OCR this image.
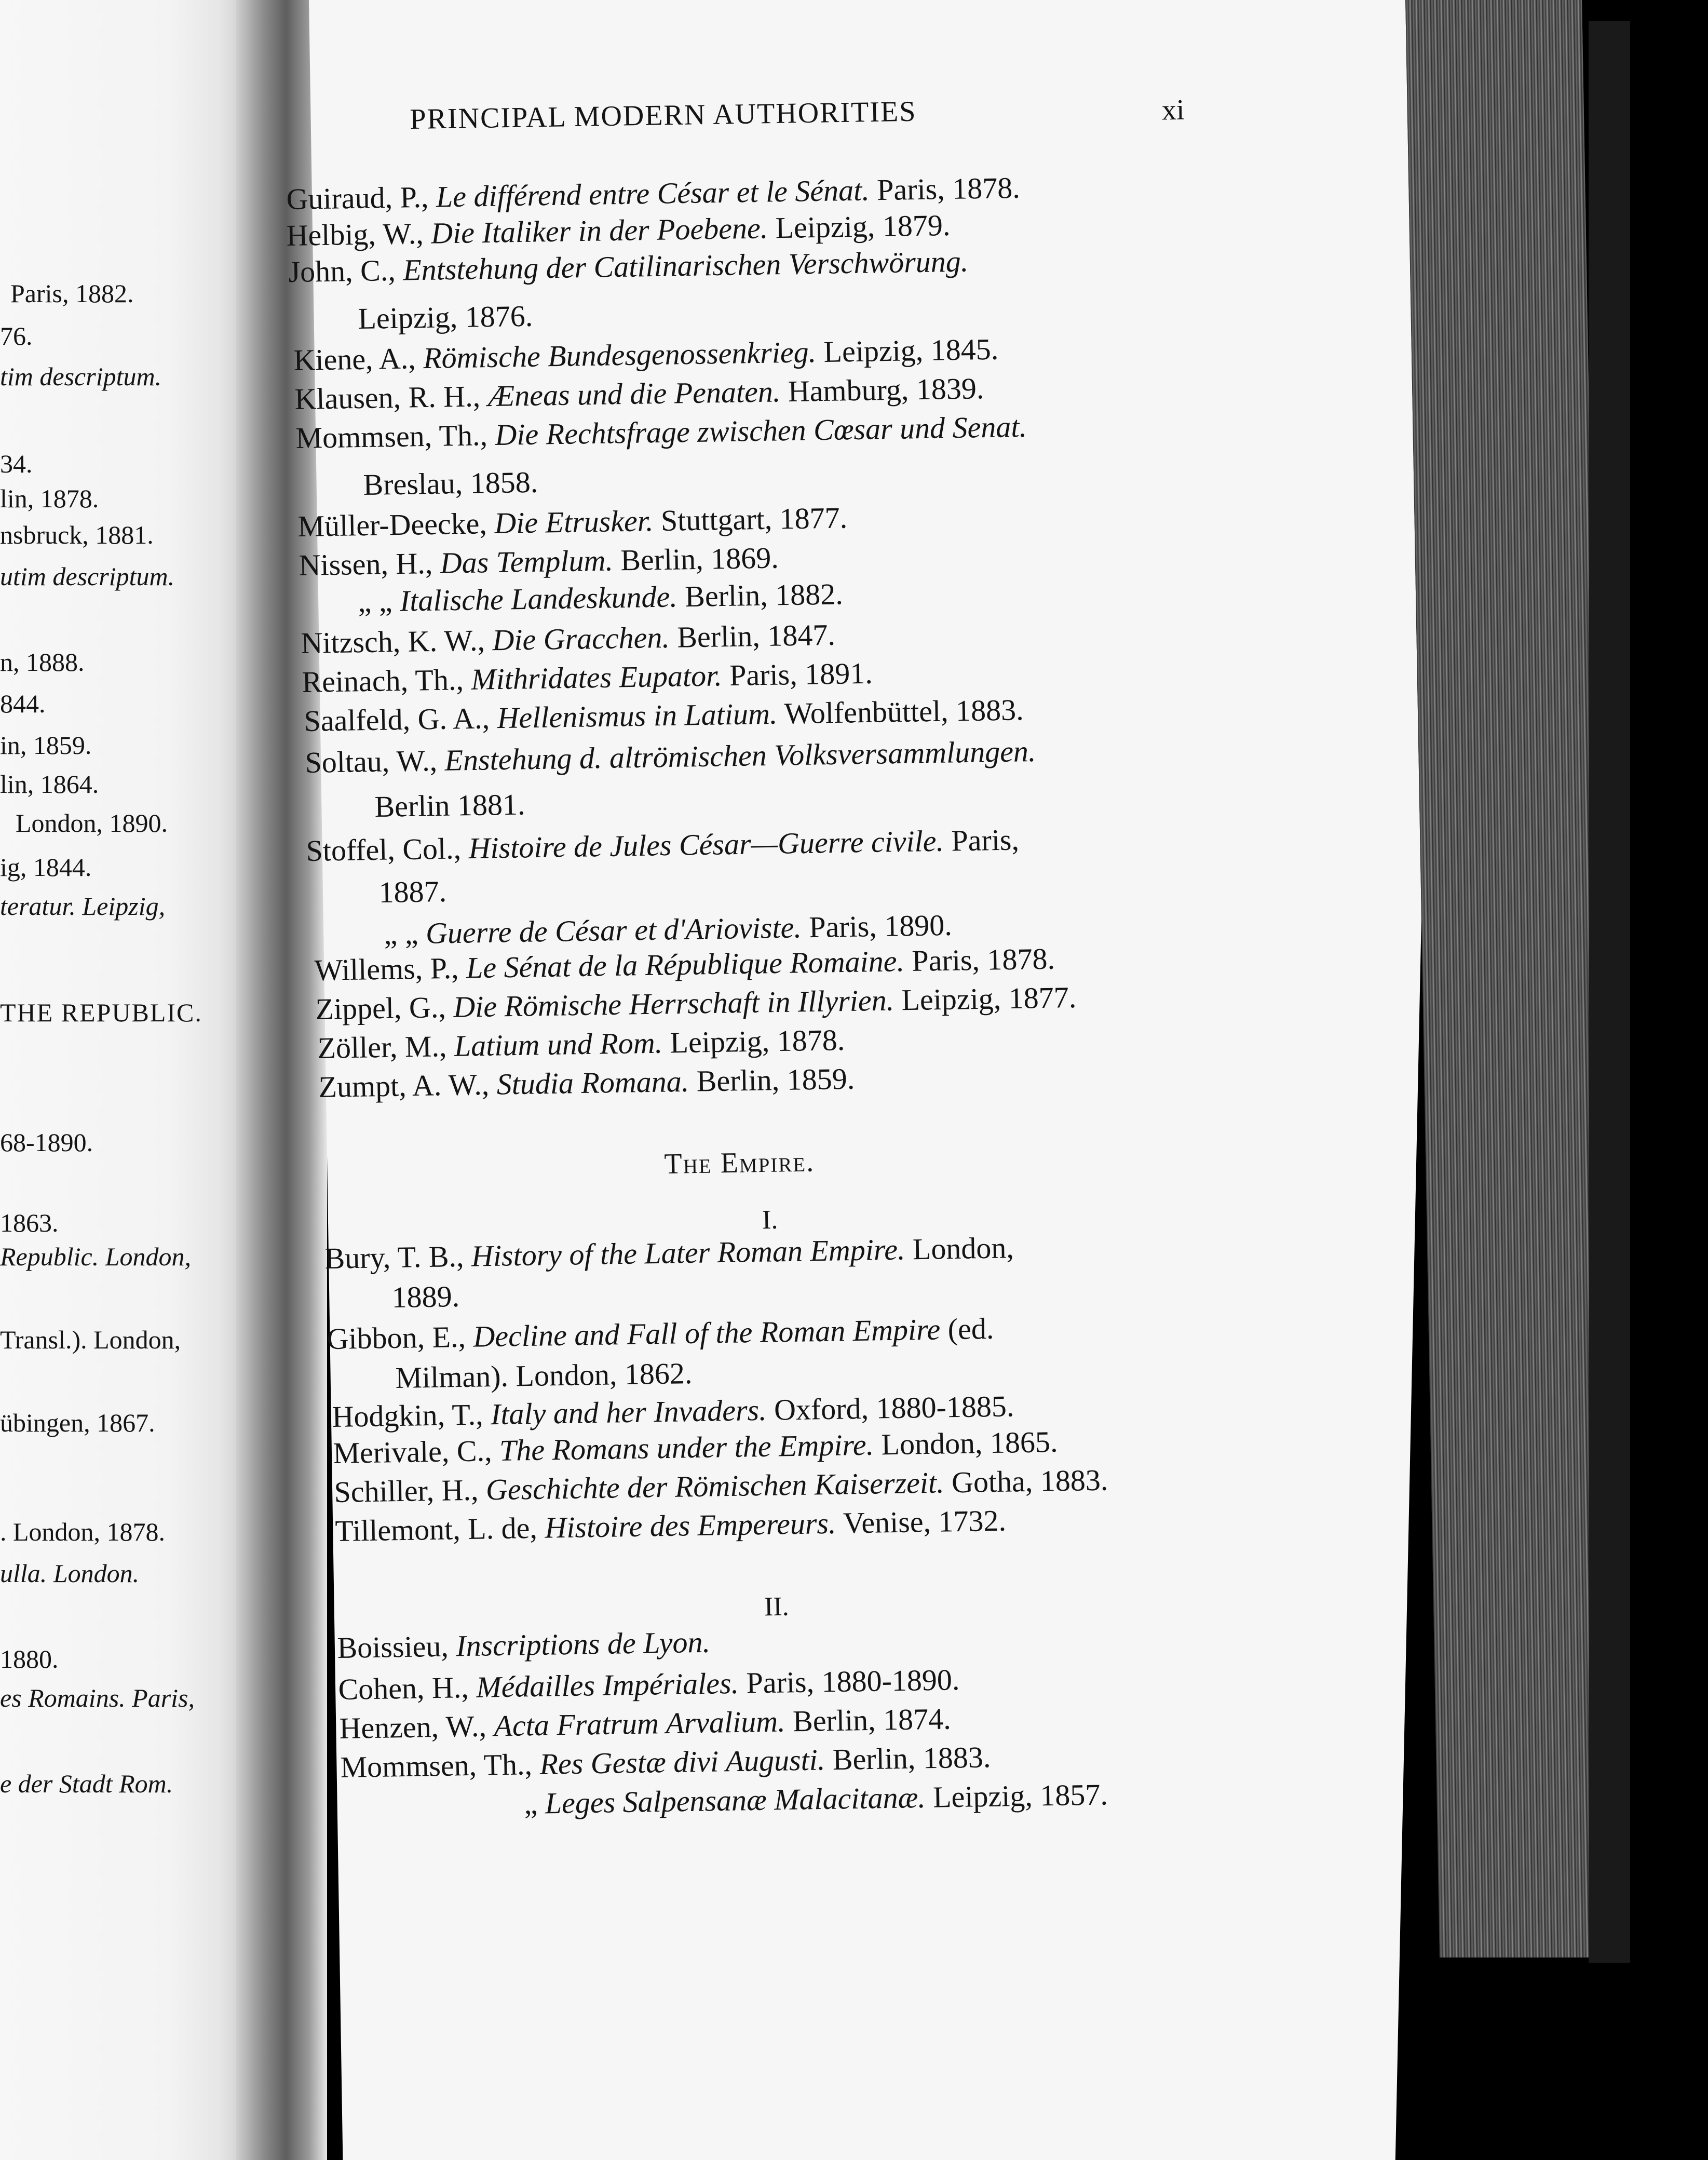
Paris, 1882.
76.
tim descriptum.
34.
lin, 1878.
nsbruck, 1881.
utim descriptum.
n, 1888.
844.
in, 1859.
lin, 1864.
London, 1890.
ig, 1844.
teratur. Leipzig,
THE REPUBLIC.
68-1890.
1863.
Republic. London,
Transl.). London,
übingen, 1867.
. London, 1878.
ulla. London.
1880.
es Romains. Paris,
e der Stadt Rom.
PRINCIPAL MODERN AUTHORITIES	xi
Guiraud, P., Le différend entre César et le Sénat. Paris, 1878.
Helbig, W., Die Italiker in der Poebene. Leipzig, 1879.
John, C., Entstehung der Catilinarischen Verschwörung.
Leipzig, 1876.
Kiene, A., Römische Bundesgenossenkrieg. Leipzig, 1845.
Klausen, R. H., Æneas und die Penaten. Hamburg, 1839.
Mommsen, Th., Die Rechtsfrage zwischen Cœsar und Senat.
Breslau, 1858.
Müller-Deecke, Die Etrusker. Stuttgart, 1877.
Nissen, H., Das Templum. Berlin, 1869.
„ „ Italische Landeskunde. Berlin, 1882.
Nitzsch, K. W., Die Gracchen. Berlin, 1847.
Reinach, Th., Mithridates Eupator. Paris, 1891.
Saalfeld, G. A., Hellenismus in Latium. Wolfenbüttel, 1883.
Soltau, W., Enstehung d. altrömischen Volksversammlungen.
Berlin 1881.
Stoffel, Col., Histoire de Jules César—Guerre civile. Paris,
1887.
„ „ Guerre de César et d'Arioviste. Paris, 1890.
Willems, P., Le Sénat de la République Romaine. Paris, 1878.
Zippel, G., Die Römische Herrschaft in Illyrien. Leipzig, 1877.
Zöller, M., Latium und Rom. Leipzig, 1878.
Zumpt, A. W., Studia Romana. Berlin, 1859.
The Empire.
I.
Bury, T. B., History of the Later Roman Empire. London,
1889.
Gibbon, E., Decline and Fall of the Roman Empire (ed.
Milman). London, 1862.
Hodgkin, T., Italy and her Invaders. Oxford, 1880-1885.
Merivale, C., The Romans under the Empire. London, 1865.
Schiller, H., Geschichte der Römischen Kaiserzeit. Gotha, 1883.
Tillemont, L. de, Histoire des Empereurs. Venise, 1732.
II.
Boissieu, Inscriptions de Lyon.
Cohen, H., Médailles Impériales. Paris, 1880-1890.
Henzen, W., Acta Fratrum Arvalium. Berlin, 1874.
Mommsen, Th., Res Gestæ divi Augusti. Berlin, 1883.
„ Leges Salpensanæ Malacitanæ. Leipzig, 1857.
